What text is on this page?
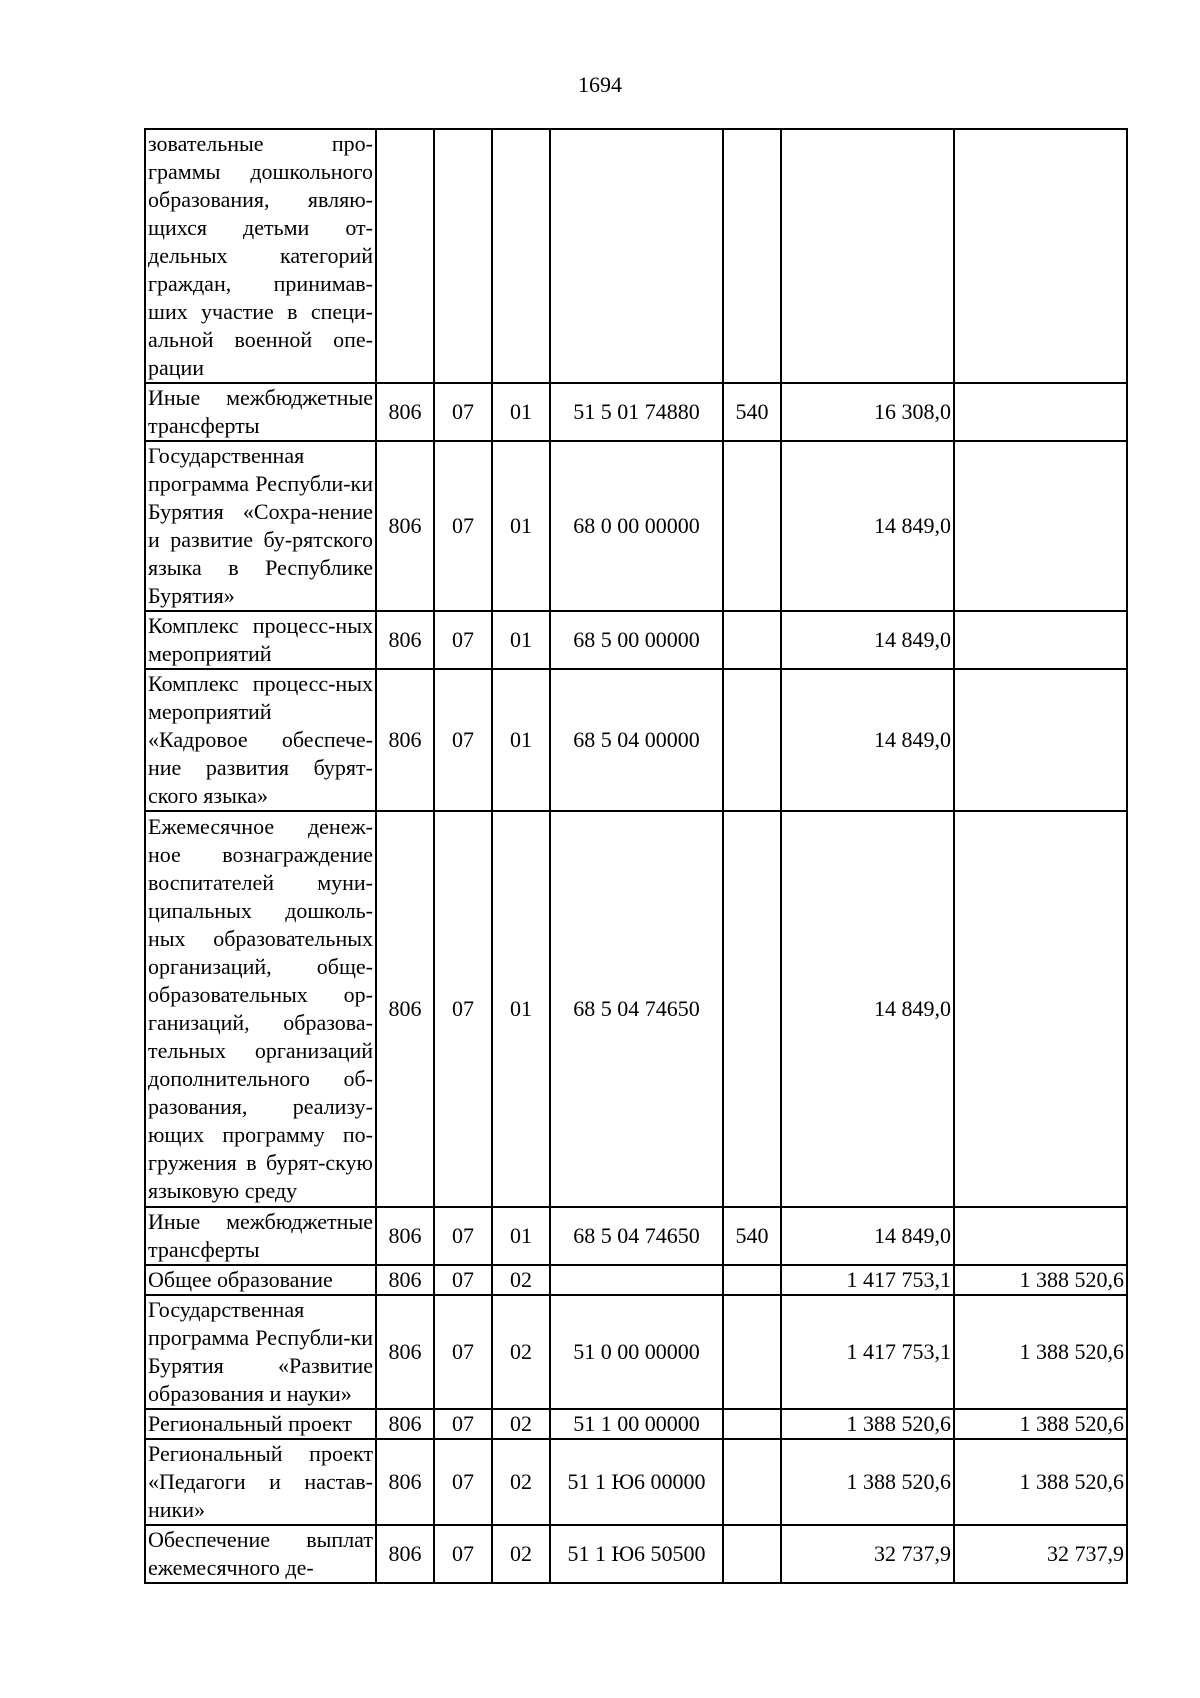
1694
зовательные про-граммы дошкольного образования, являю-щихся детьми от-дельных категорий граждан, принимав-ших участие в специ-альной военной опе-рации							
Иные межбюджетные трансферты	806	07	01	51 5 01 74880	540	16 308,0	
Государственная программа Республи-ки Бурятия «Сохра-нение и развитие бу-рятского языка в Республике Бурятия»	806	07	01	68 0 00 00000		14 849,0	
Комплекс процесс-ных мероприятий	806	07	01	68 5 00 00000		14 849,0	
Комплекс процесс-ных мероприятий «Кадровое обеспече-ние развития бурят-ского языка»	806	07	01	68 5 04 00000		14 849,0	
Ежемесячное денеж-ное вознаграждение воспитателей муни-ципальных дошколь-ных образовательных организаций, обще-образовательных ор-ганизаций, образова-тельных организаций дополнительного об-разования, реализу-ющих программу по-гружения в бурят-скую языковую среду	806	07	01	68 5 04 74650		14 849,0	
Иные межбюджетные трансферты	806	07	01	68 5 04 74650	540	14 849,0	
Общее образование	806	07	02			1 417 753,1	1 388 520,6
Государственная программа Республи-ки Бурятия «Развитие образования и науки»	806	07	02	51 0 00 00000		1 417 753,1	1 388 520,6
Региональный проект	806	07	02	51 1 00 00000		1 388 520,6	1 388 520,6
Региональный проект «Педагоги и настав-ники»	806	07	02	51 1 Ю6 00000		1 388 520,6	1 388 520,6
Обеспечение выплат ежемесячного де-	806	07	02	51 1 Ю6 50500		32 737,9	32 737,9
